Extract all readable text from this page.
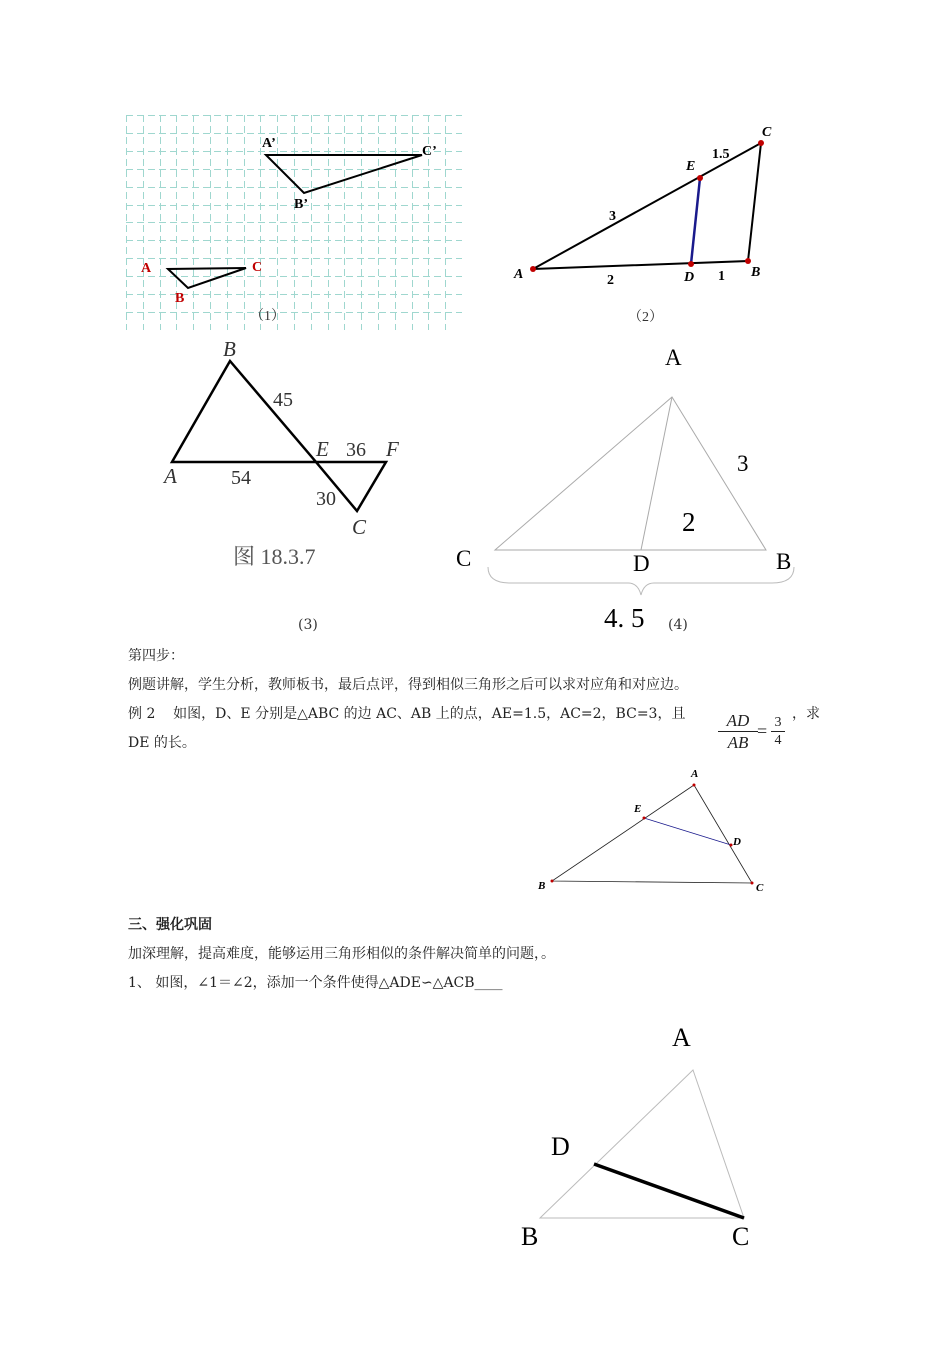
A
B
C
A’
B’
C’
（1）
A	B
C
D
E
3
1.5
2	1
（2）
A
B
C
E	F
45
54
36
30
图 18.3.7
A
B
C	D
3
2
4. 5
(3)	(4)
第四步：
例题讲解，学生分析，教师板书，最后点评，得到相似三角形之后可以求对应角和对应边。
例 2 如图，D、E 分别是△ABC 的边 AC、AB 上的点，AE=1.5，AC=2，BC=3，且 $\frac{AD}{AB} = \frac{3}{4}$ ，求
DE 的长。
A
B	C
D
E
三、强化巩固
加深理解，提高难度，能够运用三角形相似的条件解决简单的问题，。
1、 如图，∠1＝∠2，添加一个条件使得△ADE∽△ACB____
A
B	C
D
